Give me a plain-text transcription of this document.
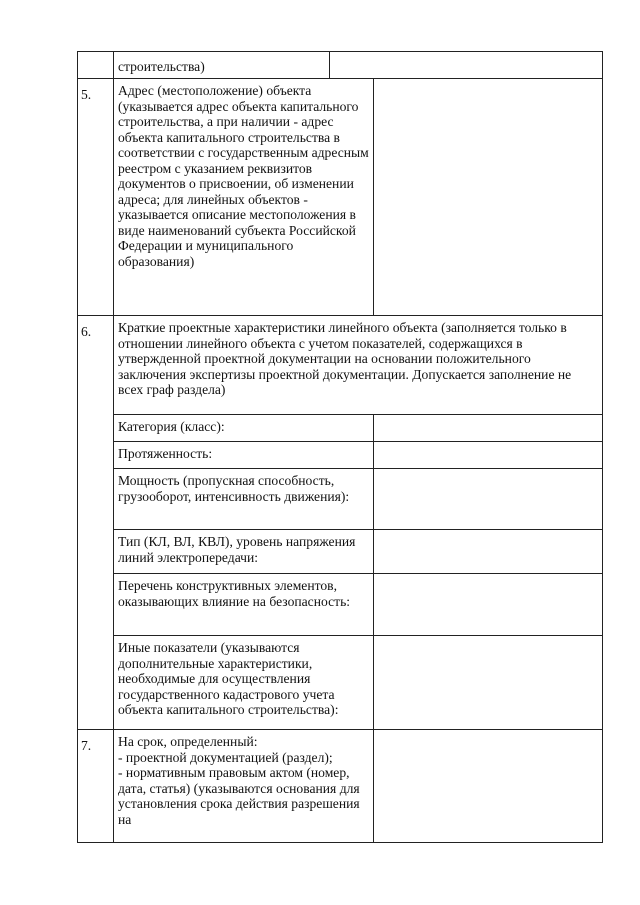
	строительства)		
5.	Адрес (местоположение) объекта (указывается адрес объекта капитального строительства, а при наличии - адрес объекта капитального строительства в соответствии с государственным адресным реестром с указанием реквизитов документов о присвоении, об изменении адреса; для линейных объектов - указывается описание местоположения в виде наименований субъекта Российской Федерации и муниципального образования)		
6.	Краткие проектные характеристики линейного объекта (заполняется только в отношении линейного объекта с учетом показателей, содержащихся в утвержденной проектной документации на основании положительного заключения экспертизы проектной документации. Допускается заполнение не всех граф раздела)		
	Категория (класс):		
	Протяженность:		
	Мощность (пропускная способность, грузооборот, интенсивность движения):		
	Тип (КЛ, ВЛ, КВЛ), уровень напряжения линий электропередачи:		
	Перечень конструктивных элементов, оказывающих влияние на безопасность:		
	Иные показатели (указываются дополнительные характеристики, необходимые для осуществления государственного кадастрового учета объекта капитального строительства):		
7.	На срок, определенный:
- проектной документацией (раздел);
- нормативным правовым актом (номер, дата, статья) (указываются основания для установления срока действия разрешения на		
